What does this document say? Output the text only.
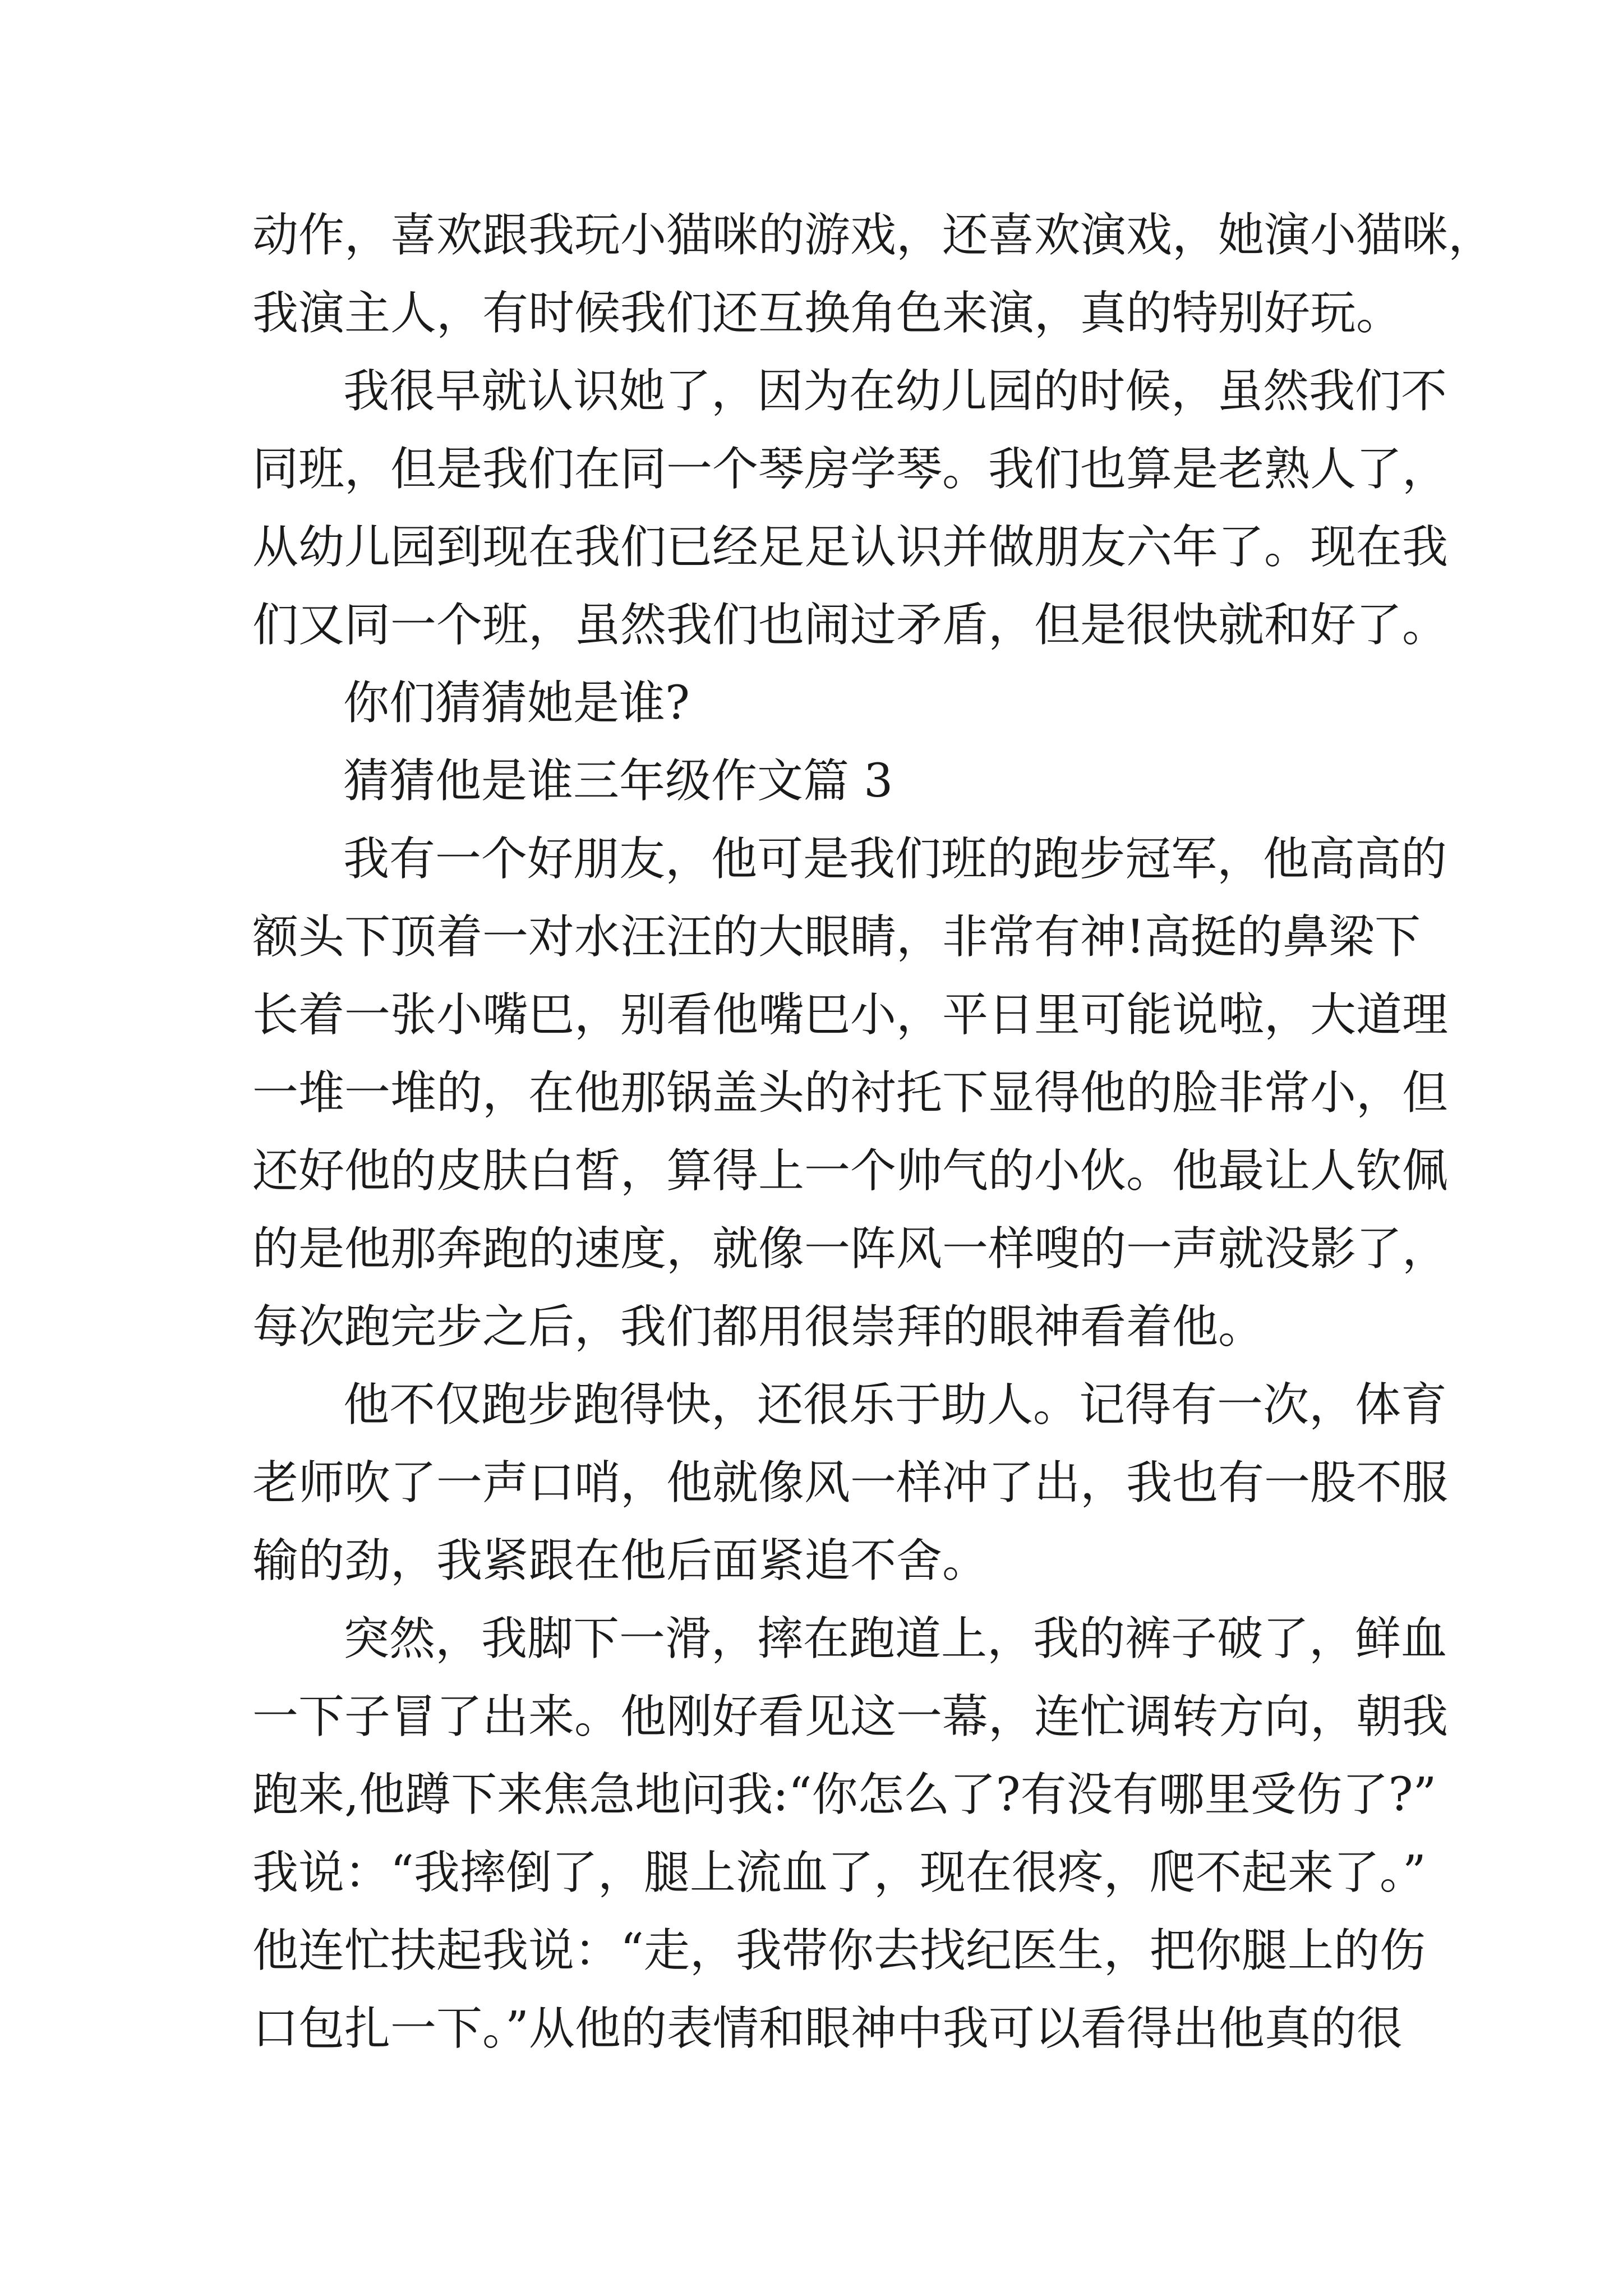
动作，喜欢跟我玩小猫咪的游戏，还喜欢演戏，她演小猫咪，
我演主人，有时候我们还互换角色来演，真的特别好玩。
我很早就认识她了，因为在幼儿园的时候，虽然我们不
同班，但是我们在同一个琴房学琴。我们也算是老熟人了，
从幼儿园到现在我们已经足足认识并做朋友六年了。现在我
们又同一个班，虽然我们也闹过矛盾，但是很快就和好了。
你们猜猜她是谁?
猜猜他是谁三年级作文篇 3
我有一个好朋友，他可是我们班的跑步冠军，他高高的
额头下顶着一对水汪汪的大眼睛，非常有神!高挺的鼻梁下
长着一张小嘴巴，别看他嘴巴小，平日里可能说啦，大道理
一堆一堆的，在他那锅盖头的衬托下显得他的脸非常小，但
还好他的皮肤白皙，算得上一个帅气的小伙。他最让人钦佩
的是他那奔跑的速度，就像一阵风一样嗖的一声就没影了，
每次跑完步之后，我们都用很崇拜的眼神看着他。
他不仅跑步跑得快，还很乐于助人。记得有一次，体育
老师吹了一声口哨，他就像风一样冲了出，我也有一股不服
输的劲，我紧跟在他后面紧追不舍。
突然，我脚下一滑，摔在跑道上，我的裤子破了，鲜血
一下子冒了出来。他刚好看见这一幕，连忙调转方向，朝我
跑来,他蹲下来焦急地问我:“你怎么了?有没有哪里受伤了?”
我说：“我摔倒了，腿上流血了，现在很疼，爬不起来了。”
他连忙扶起我说：“走，我带你去找纪医生，把你腿上的伤
口包扎一下。”从他的表情和眼神中我可以看得出他真的很
